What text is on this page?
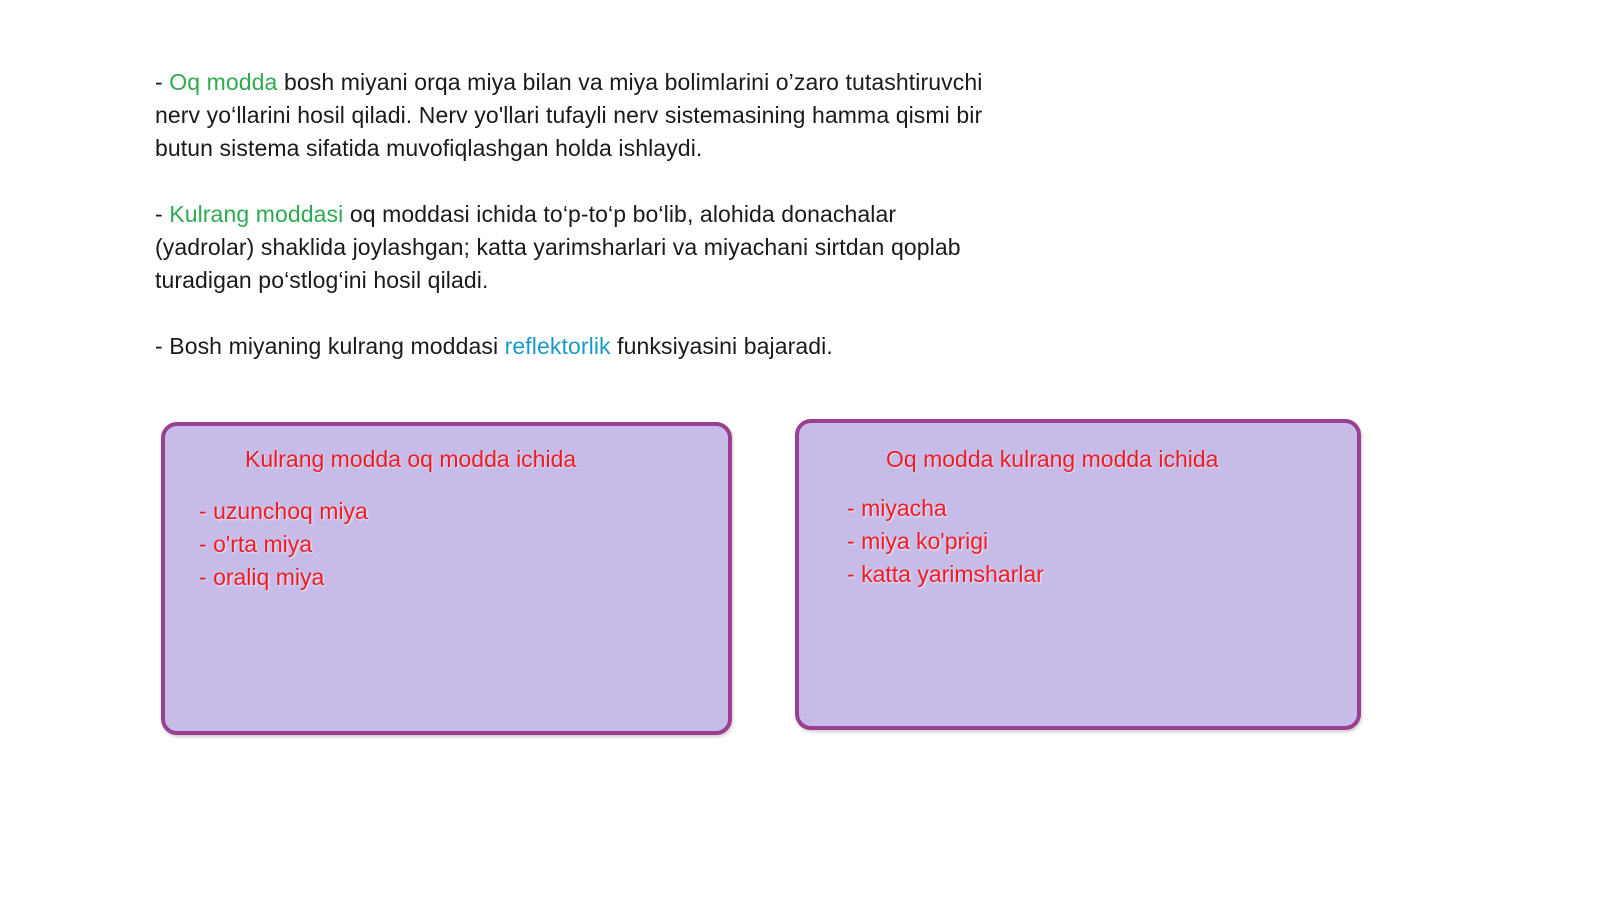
- Oq modda bosh miyani orqa miya bilan va miya bolimlarini o’zaro tutashtiruvchi
nerv yo‘llarini hosil qiladi. Nerv yo'llari tufayli nerv sistemasining hamma qismi bir
butun sistema sifatida muvofiqlashgan holda ishlaydi.
- Kulrang moddasi oq moddasi ichida to‘p-to‘p bo‘lib, alohida donachalar
(yadrolar) shaklida joylashgan; katta yarimsharlari va miyachani sirtdan qoplab
turadigan po‘stlog‘ini hosil qiladi.
- Bosh miyaning kulrang moddasi reflektorlik funksiyasini bajaradi.
Kulrang modda oq modda ichida
- uzunchoq miya
- o'rta miya
- oraliq miya
Oq modda kulrang modda ichida
- miyacha
- miya ko'prigi
- katta yarimsharlar
